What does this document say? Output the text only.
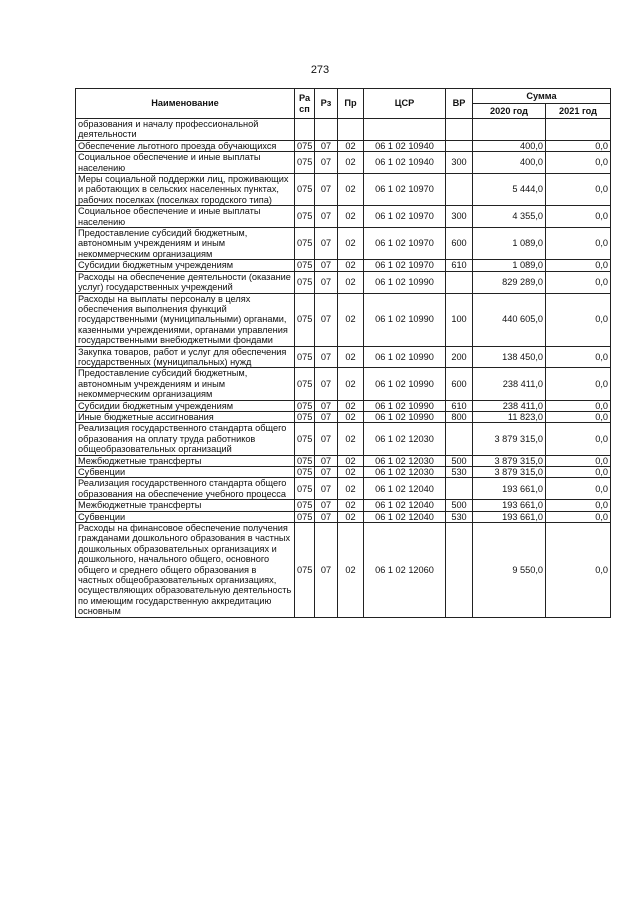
273
Наименование	Ра сп	Рз	Пр	ЦСР	ВР	Сумма	
						2020 год	2021 год
образования и началу профессиональной деятельности							
Обеспечение льготного проезда обучающихся	075	07	02	06 1 02 10940		400,0	0,0
Социальное обеспечение и иные выплаты населению	075	07	02	06 1 02 10940	300	400,0	0,0
Меры социальной поддержки лиц, проживающих и работающих в сельских населенных пунктах, рабочих поселках (поселках городского типа)	075	07	02	06 1 02 10970		5 444,0	0,0
Социальное обеспечение и иные выплаты населению	075	07	02	06 1 02 10970	300	4 355,0	0,0
Предоставление субсидий бюджетным, автономным учреждениям и иным некоммерческим организациям	075	07	02	06 1 02 10970	600	1 089,0	0,0
Субсидии бюджетным учреждениям	075	07	02	06 1 02 10970	610	1 089,0	0,0
Расходы на обеспечение деятельности (оказание услуг) государственных учреждений	075	07	02	06 1 02 10990		829 289,0	0,0
Расходы на выплаты персоналу в целях обеспечения выполнения функций государственными (муниципальными) органами, казенными учреждениями, органами управления государственными внебюджетными фондами	075	07	02	06 1 02 10990	100	440 605,0	0,0
Закупка товаров, работ и услуг для обеспечения государственных (муниципальных) нужд	075	07	02	06 1 02 10990	200	138 450,0	0,0
Предоставление субсидий бюджетным, автономным учреждениям и иным некоммерческим организациям	075	07	02	06 1 02 10990	600	238 411,0	0,0
Субсидии бюджетным учреждениям	075	07	02	06 1 02 10990	610	238 411,0	0,0
Иные бюджетные ассигнования	075	07	02	06 1 02 10990	800	11 823,0	0,0
Реализация государственного стандарта общего образования на оплату труда работников общеобразовательных организаций	075	07	02	06 1 02 12030		3 879 315,0	0,0
Межбюджетные трансферты	075	07	02	06 1 02 12030	500	3 879 315,0	0,0
Субвенции	075	07	02	06 1 02 12030	530	3 879 315,0	0,0
Реализация государственного стандарта общего образования на обеспечение учебного процесса	075	07	02	06 1 02 12040		193 661,0	0,0
Межбюджетные трансферты	075	07	02	06 1 02 12040	500	193 661,0	0,0
Субвенции	075	07	02	06 1 02 12040	530	193 661,0	0,0
Расходы на финансовое обеспечение получения гражданами дошкольного образования в частных дошкольных образовательных организациях и дошкольного, начального общего, основного общего и среднего общего образования в частных общеобразовательных организациях, осуществляющих образовательную деятельность по имеющим государственную аккредитацию основным	075	07	02	06 1 02 12060		9 550,0	0,0
